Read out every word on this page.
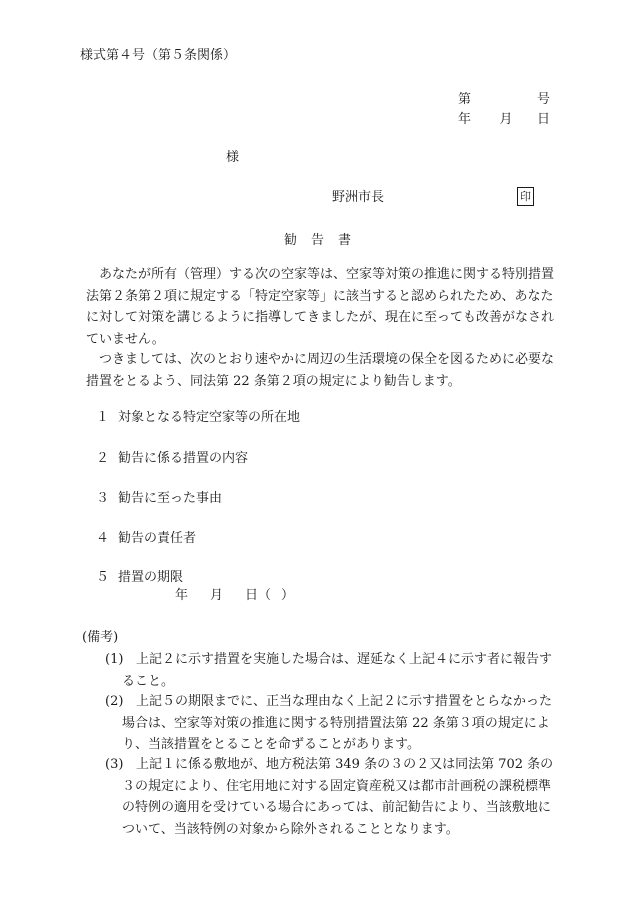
様式第４号（第５条関係）
第	号
年 月 日
様
野洲市長	印
勧告書
あなたが所有（管理）する次の空家等は、空家等対策の推進に関する特別措置法第２条第２項に規定する「特定空家等」に該当すると認められたため、あなたに対して対策を講じるように指導してきましたが、現在に至っても改善がなされていません。
つきましては、次のとおり速やかに周辺の生活環境の保全を図るために必要な措置をとるよう、同法第 22 条第２項の規定により勧告します。
１ 対象となる特定空家等の所在地
２ 勧告に係る措置の内容
３ 勧告に至った事由
４ 勧告の責任者
５ 措置の期限
年 月 日（ ）
(備考)
(1) 上記２に示す措置を実施した場合は、遅延なく上記４に示す者に報告すること。
(2) 上記５の期限までに、正当な理由なく上記２に示す措置をとらなかった場合は、空家等対策の推進に関する特別措置法第 22 条第３項の規定により、当該措置をとることを命ずることがあります。
(3) 上記１に係る敷地が、地方税法第 349 条の３の２又は同法第 702 条の３の規定により、住宅用地に対する固定資産税又は都市計画税の課税標準の特例の適用を受けている場合にあっては、前記勧告により、当該敷地について、当該特例の対象から除外されることとなります。
